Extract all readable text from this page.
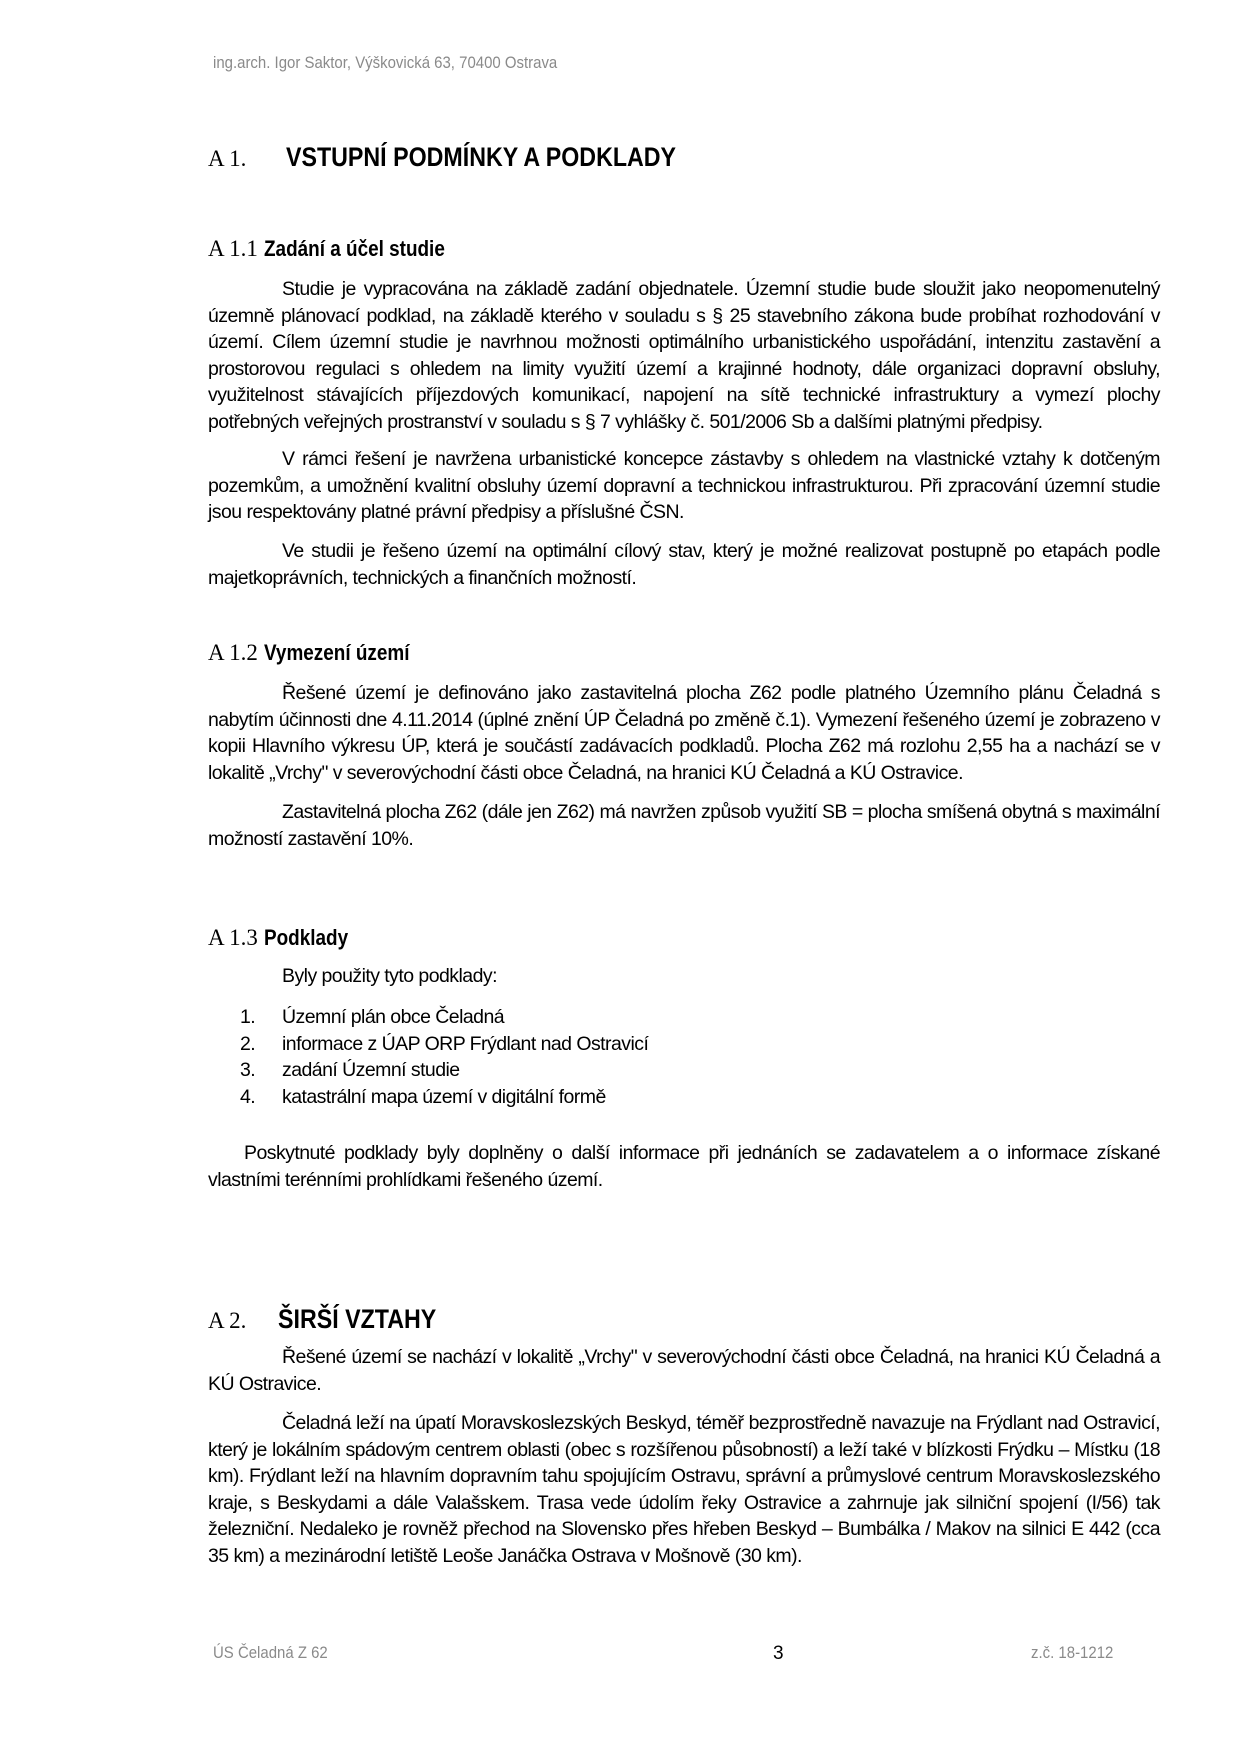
ing.arch. Igor Saktor, Výškovická 63, 70400 Ostrava
A 1. VSTUPNÍ PODMÍNKY A PODKLADY
A 1.1 Zadání a účel studie
Studie je vypracována na základě zadání objednatele. Územní studie bude sloužit jako neopomenutelný územně plánovací podklad, na základě kterého v souladu s § 25 stavebního zákona bude probíhat rozhodování v území. Cílem územní studie je navrhnou možnosti optimálního urbanistického uspořádání, intenzitu zastavění a prostorovou regulaci s ohledem na limity využití území a krajinné hodnoty, dále organizaci dopravní obsluhy, využitelnost stávajících příjezdových komunikací, napojení na sítě technické infrastruktury a vymezí plochy potřebných veřejných prostranství v souladu s § 7 vyhlášky č. 501/2006 Sb a dalšími platnými předpisy.
V rámci řešení je navržena urbanistické koncepce zástavby s ohledem na vlastnické vztahy k dotčeným pozemkům, a umožnění kvalitní obsluhy území dopravní a technickou infrastrukturou. Při zpracování územní studie jsou respektovány platné právní předpisy a příslušné ČSN.
Ve studii je řešeno území na optimální cílový stav, který je možné realizovat postupně po etapách podle majetkoprávních, technických a finančních možností.
A 1.2 Vymezení území
Řešené území je definováno jako zastavitelná plocha Z62 podle platného Územního plánu Čeladná s nabytím účinnosti dne 4.11.2014 (úplné znění ÚP Čeladná po změně č.1). Vymezení řešeného území je zobrazeno v kopii Hlavního výkresu ÚP, která je součástí zadávacích podkladů. Plocha Z62 má rozlohu 2,55 ha a nachází se v lokalitě „Vrchy" v severovýchodní části obce Čeladná, na hranici KÚ Čeladná a KÚ Ostravice.
Zastavitelná plocha Z62 (dále jen Z62) má navržen způsob využití SB = plocha smíšená obytná s maximální možností zastavění 10%.
A 1.3 Podklady
Byly použity tyto podklady:
1. Územní plán obce Čeladná
2. informace z ÚAP ORP Frýdlant nad Ostravicí
3. zadání Územní studie
4. katastrální mapa území v digitální formě
Poskytnuté podklady byly doplněny o další informace při jednáních se zadavatelem a o informace získané vlastními terénními prohlídkami řešeného území.
A 2. ŠIRŠÍ VZTAHY
Řešené území se nachází v lokalitě „Vrchy" v severovýchodní části obce Čeladná, na hranici KÚ Čeladná a KÚ Ostravice.
Čeladná leží na úpatí Moravskoslezských Beskyd, téměř bezprostředně navazuje na Frýdlant nad Ostravicí, který je lokálním spádovým centrem oblasti (obec s rozšířenou působností) a leží také v blízkosti Frýdku – Místku (18 km). Frýdlant leží na hlavním dopravním tahu spojujícím Ostravu, správní a průmyslové centrum Moravskoslezského kraje, s Beskydami a dále Valašskem. Trasa vede údolím řeky Ostravice a zahrnuje jak silniční spojení (I/56) tak železniční. Nedaleko je rovněž přechod na Slovensko přes hřeben Beskyd – Bumbálka / Makov na silnici E 442 (cca 35 km) a mezinárodní letiště Leoše Janáčka Ostrava v Mošnově (30 km).
ÚS Čeladná Z 62	3	z.č. 18-1212
